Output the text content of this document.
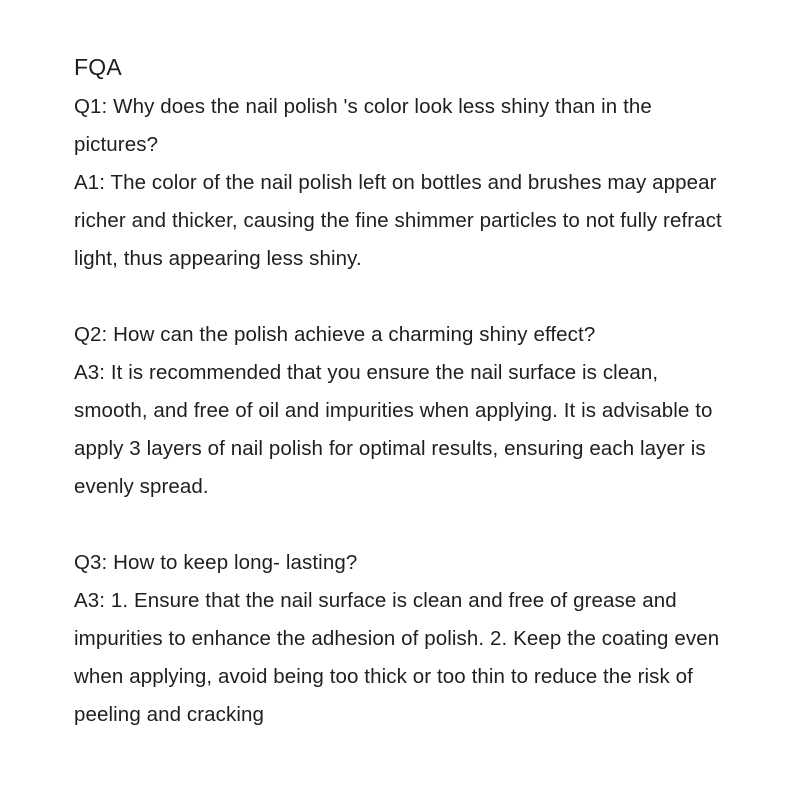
FQA

Q1: Why does the nail polish 's color look less shiny than in the pictures?

A1: The color of the nail polish left on bottles and brushes may appear richer and thicker, causing the fine shimmer particles to not fully refract light, thus appearing less shiny.

Q2: How can the polish achieve a charming shiny effect?

A3: It is recommended that you ensure the nail surface is clean, smooth, and free of oil and impurities when applying. It is advisable to apply 3 layers of nail polish for optimal results, ensuring each layer is evenly spread.

Q3: How to keep long- lasting?

A3: 1. Ensure that the nail surface is clean and free of grease and impurities to enhance the adhesion of polish. 2. Keep the coating even when applying, avoid being too thick or too thin to reduce the risk of peeling and cracking
